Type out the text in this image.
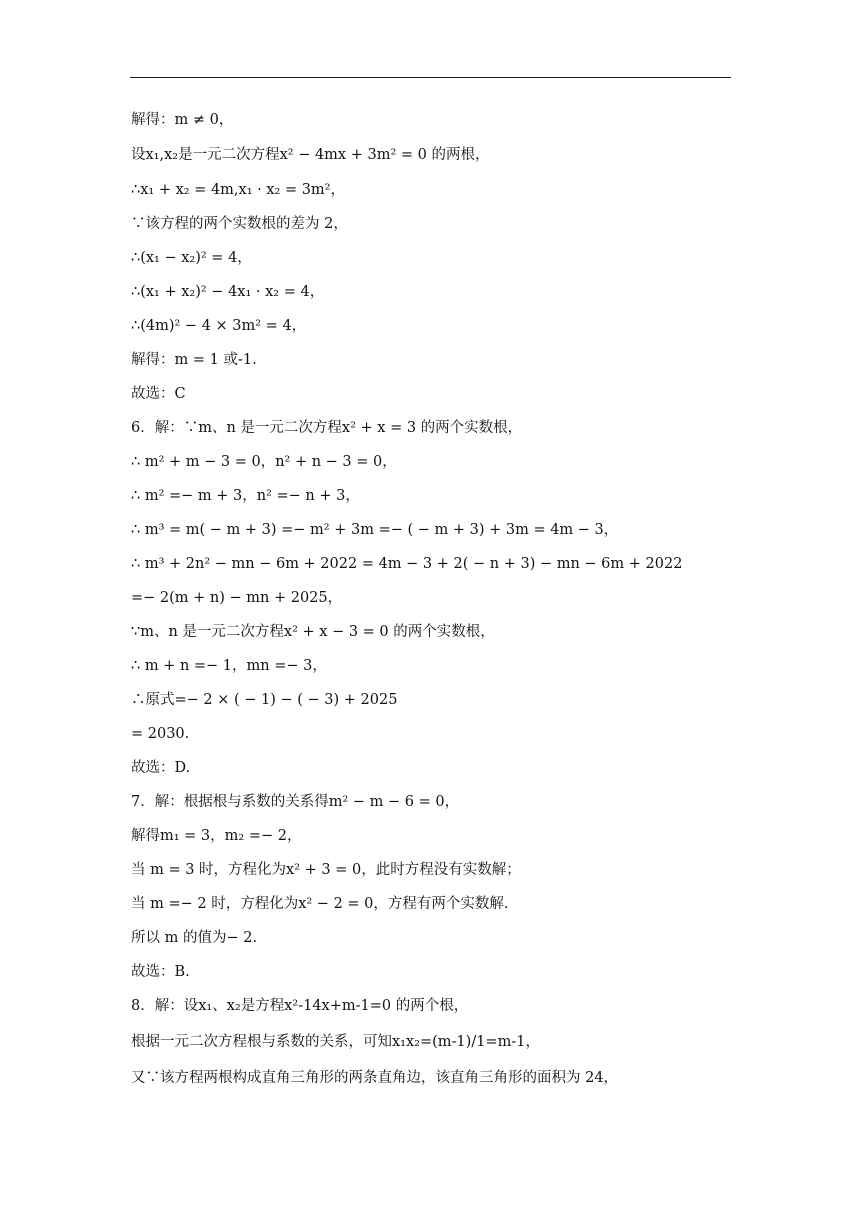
解得：m ≠ 0，
设x₁,x₂是一元二次方程x² − 4mx + 3m² = 0 的两根，
∴x₁ + x₂ = 4m,x₁ · x₂ = 3m²，
∵该方程的两个实数根的差为 2，
∴(x₁ − x₂)² = 4，
∴(x₁ + x₂)² − 4x₁ · x₂ = 4，
∴(4m)² − 4 × 3m² = 4，
解得：m = 1 或-1.
故选：C
6．解：∵m、n 是一元二次方程x² + x = 3 的两个实数根，
∴ m² + m − 3 = 0，n² + n − 3 = 0，
∴ m² =− m + 3，n² =− n + 3，
∴ m³ = m( − m + 3) =− m² + 3m =− ( − m + 3) + 3m = 4m − 3，
∴ m³ + 2n² − mn − 6m + 2022 = 4m − 3 + 2( − n + 3) − mn − 6m + 2022
=− 2(m + n) − mn + 2025，
∵m、n 是一元二次方程x² + x − 3 = 0 的两个实数根，
∴ m + n =− 1，mn =− 3，
∴原式=− 2 × ( − 1) − ( − 3) + 2025
= 2030.
故选：D.
7．解：根据根与系数的关系得m² − m − 6 = 0，
解得m₁ = 3，m₂ =− 2，
当 m = 3 时，方程化为x² + 3 = 0，此时方程没有实数解；
当 m =− 2 时，方程化为x² − 2 = 0，方程有两个实数解.
所以 m 的值为− 2.
故选：B.
8．解：设x₁、x₂是方程x²-14x+m-1=0 的两个根，
根据一元二次方程根与系数的关系，可知x₁x₂=(m-1)/1=m-1，
又∵该方程两根构成直角三角形的两条直角边，该直角三角形的面积为 24，
